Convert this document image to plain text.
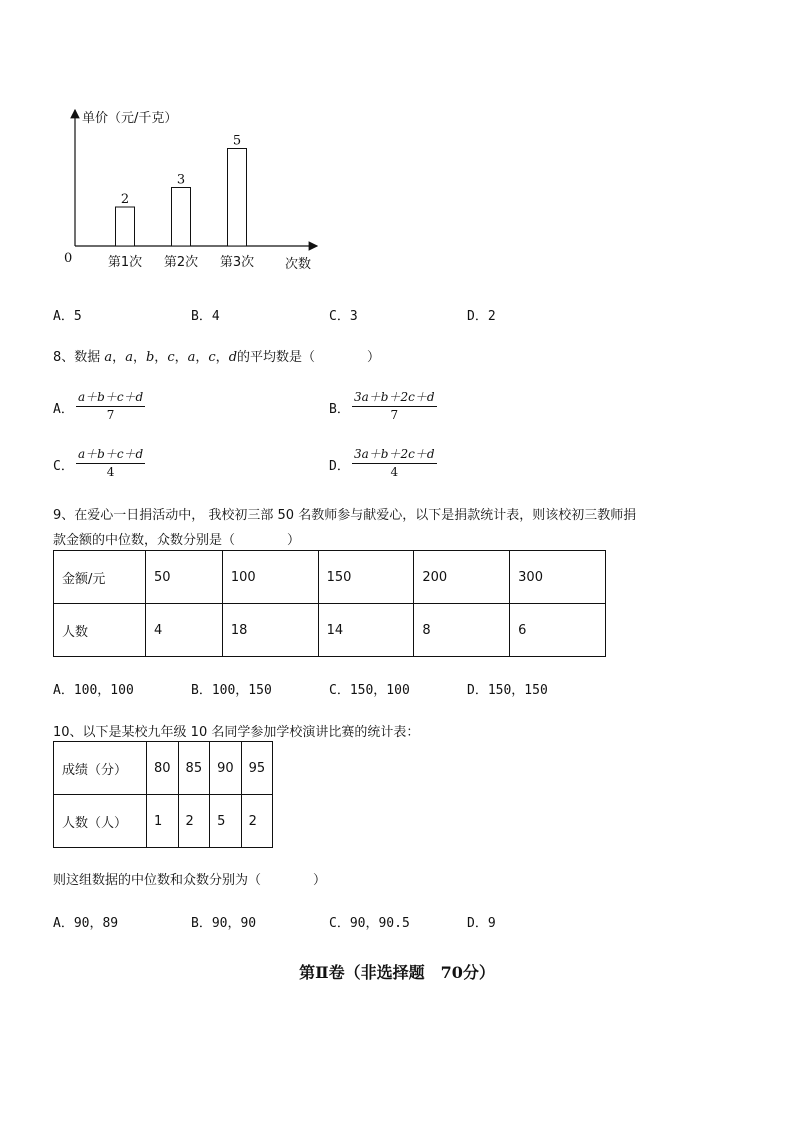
单价（元/千克）
次数
0
2
第1次
3
第2次
5
第3次
A．5	B．4	C．3	D．2
8、数据 a，a，b，c，a，c，d的平均数是（　　　　）
A． $\frac{a+b+c+d}{7}$	B． $\frac{3a+b+2c+d}{7}$
C． $\frac{a+b+c+d}{4}$	D． $\frac{3a+b+2c+d}{4}$
9、在爱心一日捐活动中， 我校初三部 50 名教师参与献爱心，以下是捐款统计表，则该校初三教师捐
款金额的中位数，众数分别是（　　　　）
金额/元	50	100	150	200	300
人数	4	18	14	8	6
A．100，100	B．100，150	C．150，100	D．150，150
10、以下是某校九年级 10 名同学参加学校演讲比赛的统计表：
成绩（分）	80	85	90	95
人数（人）	1	2	5	2
则这组数据的中位数和众数分别为（　　　　）
A．90，89	B．90，90	C．90，90.5	D．9
第Ⅱ卷（非选择题　70分）
